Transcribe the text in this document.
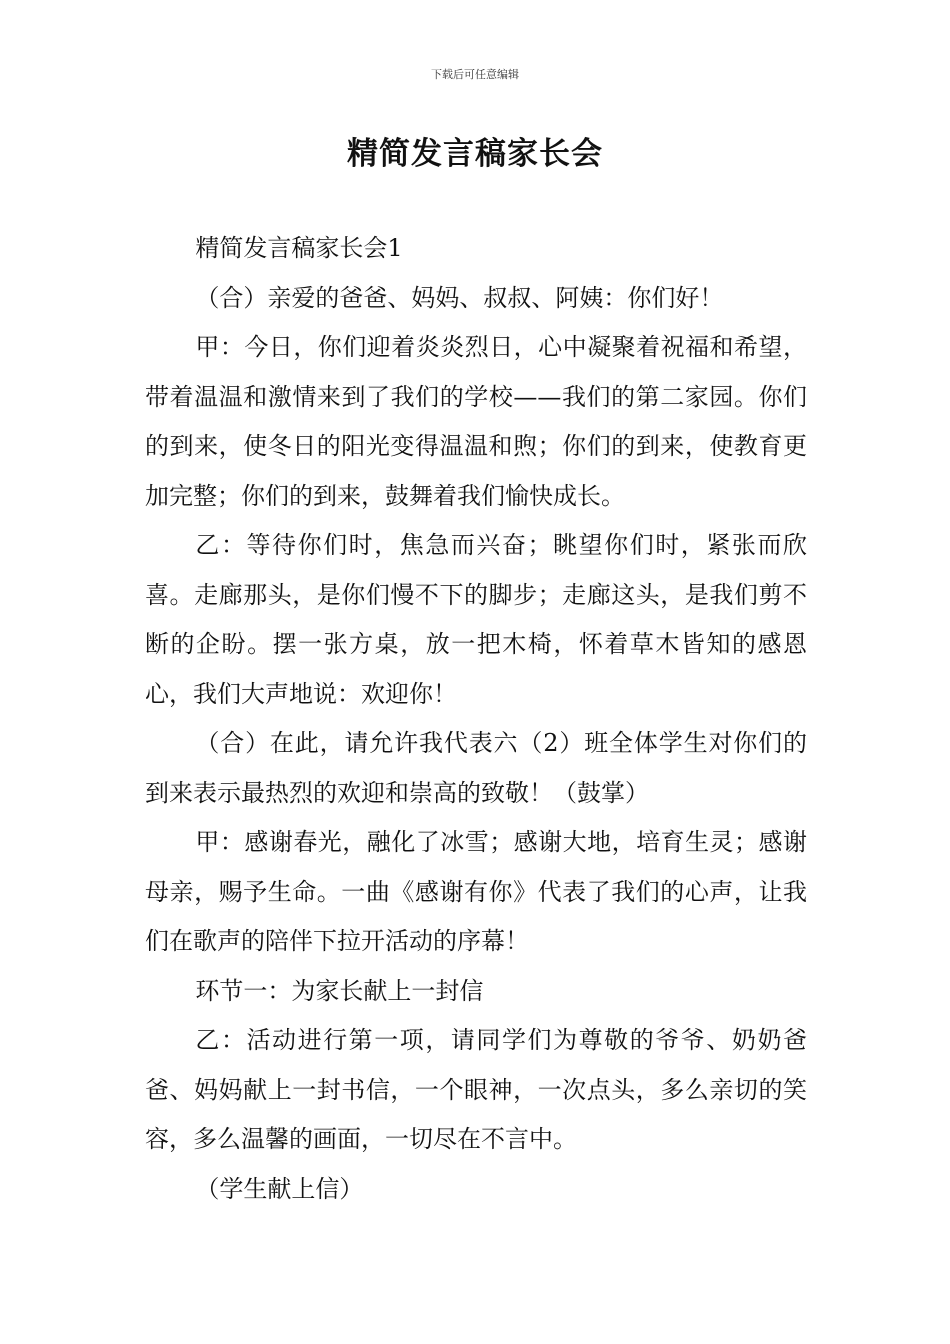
下载后可任意编辑
精简发言稿家长会

精简发言稿家长会1

（合）亲爱的爸爸、妈妈、叔叔、阿姨：你们好！

甲：今日，你们迎着炎炎烈日，心中凝聚着祝福和希望，带着温温和激情来到了我们的学校——我们的第二家园。你们的到来，使冬日的阳光变得温温和煦；你们的到来，使教育更加完整；你们的到来，鼓舞着我们愉快成长。

乙：等待你们时，焦急而兴奋；眺望你们时，紧张而欣喜。走廊那头，是你们慢不下的脚步；走廊这头，是我们剪不断的企盼。摆一张方桌，放一把木椅，怀着草木皆知的感恩心，我们大声地说：欢迎你！

（合）在此，请允许我代表六（2）班全体学生对你们的到来表示最热烈的欢迎和崇高的致敬！（鼓掌）

甲：感谢春光，融化了冰雪；感谢大地，培育生灵；感谢母亲，赐予生命。一曲《感谢有你》代表了我们的心声，让我们在歌声的陪伴下拉开活动的序幕！

环节一：为家长献上一封信

乙：活动进行第一项，请同学们为尊敬的爷爷、奶奶爸爸、妈妈献上一封书信，一个眼神，一次点头，多么亲切的笑容，多么温馨的画面，一切尽在不言中。

（学生献上信）
